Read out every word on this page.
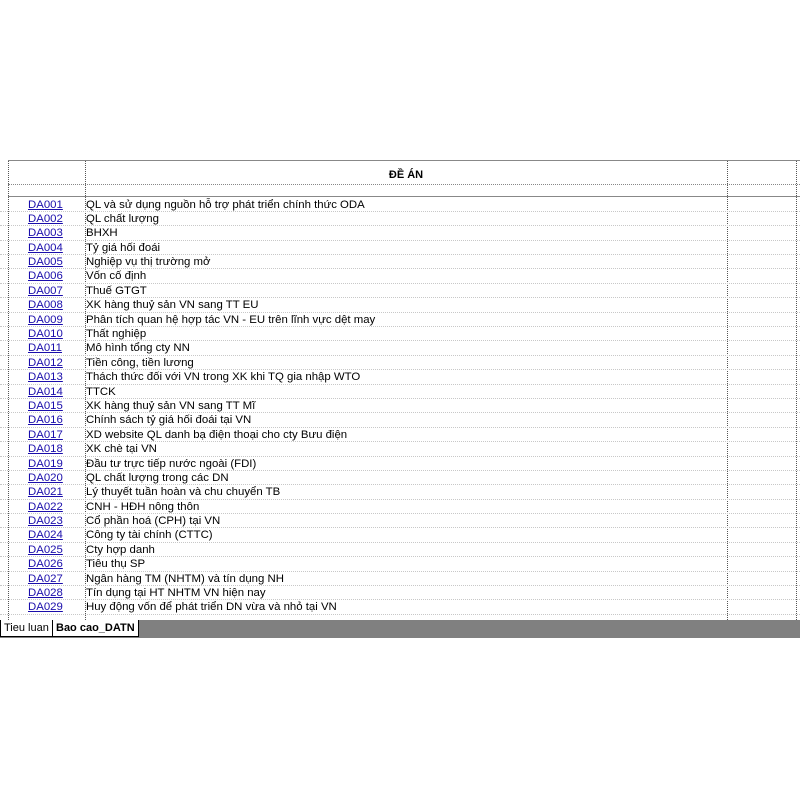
ĐỀ ÁN
DA001 QL và sử dụng nguồn hỗ trợ phát triển chính thức ODA
DA002 QL chất lượng
DA003 BHXH
DA004 Tỷ giá hối đoái
DA005 Nghiệp vụ thị trường mở
DA006 Vốn cố định
DA007 Thuế GTGT
DA008 XK hàng thuỷ sản VN sang TT EU
DA009 Phân tích quan hệ hợp tác VN - EU trên lĩnh vực dệt may
DA010 Thất nghiệp
DA011 Mô hình tổng cty NN
DA012 Tiền công, tiền lương
DA013 Thách thức đối với VN trong XK khi TQ gia nhập WTO
DA014 TTCK
DA015 XK hàng thuỷ sản VN sang TT Mĩ
DA016 Chính sách tỷ giá hối đoái tại VN
DA017 XD website QL danh bạ điện thoại cho cty Bưu điện
DA018 XK chè tại VN
DA019 Đầu tư trực tiếp nước ngoài (FDI)
DA020 QL chất lượng trong các DN
DA021 Lý thuyết tuần hoàn và chu chuyển TB
DA022 CNH - HĐH nông thôn
DA023 Cổ phần hoá (CPH) tại VN
DA024 Công ty tài chính (CTTC)
DA025 Cty hợp danh
DA026 Tiêu thụ SP
DA027 Ngân hàng TM (NHTM) và tín dụng NH
DA028 Tín dụng tại HT NHTM VN hiện nay
DA029 Huy động vốn để phát triển DN vừa và nhỏ tại VN
Tieu luan Bao cao_DATN
